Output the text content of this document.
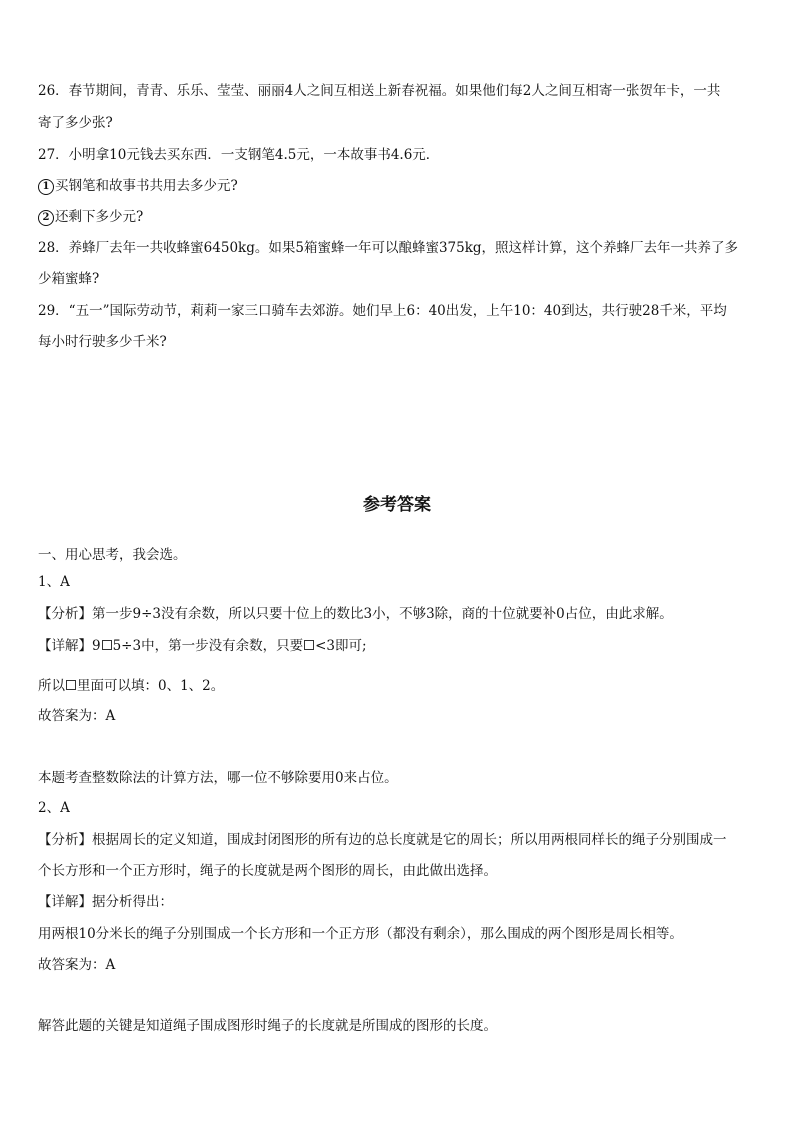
26．春节期间，青青、乐乐、莹莹、丽丽4人之间互相送上新春祝福。如果他们每2人之间互相寄一张贺年卡，一共
寄了多少张?
27．小明拿10元钱去买东西．一支钢笔4.5元，一本故事书4.6元．
1 买钢笔和故事书共用去多少元?
2 还剩下多少元?
28．养蜂厂去年一共收蜂蜜6450kg。如果5箱蜜蜂一年可以酿蜂蜜375kg，照这样计算，这个养蜂厂去年一共养了多
少箱蜜蜂?
29．“五一”国际劳动节，莉莉一家三口骑车去郊游。她们早上6：40出发，上午10：40到达，共行驶28千米，平均
每小时行驶多少千米?
参考答案
一、用心思考，我会选。
1、A
【分析】第一步9÷3没有余数，所以只要十位上的数比3小，不够3除，商的十位就要补0占位，由此求解。
【详解】9 5÷3中，第一步没有余数，只要 <3即可;
所以 里面可以填：0、1、2。
故答案为：A
本题考查整数除法的计算方法，哪一位不够除要用0来占位。
2、A
【分析】根据周长的定义知道，围成封闭图形的所有边的总长度就是它的周长；所以用两根同样长的绳子分别围成一
个长方形和一个正方形时，绳子的长度就是两个图形的周长，由此做出选择。
【详解】据分析得出：
用两根10分米长的绳子分别围成一个长方形和一个正方形（都没有剩余），那么围成的两个图形是周长相等。
故答案为：A
解答此题的关键是知道绳子围成图形时绳子的长度就是所围成的图形的长度。
